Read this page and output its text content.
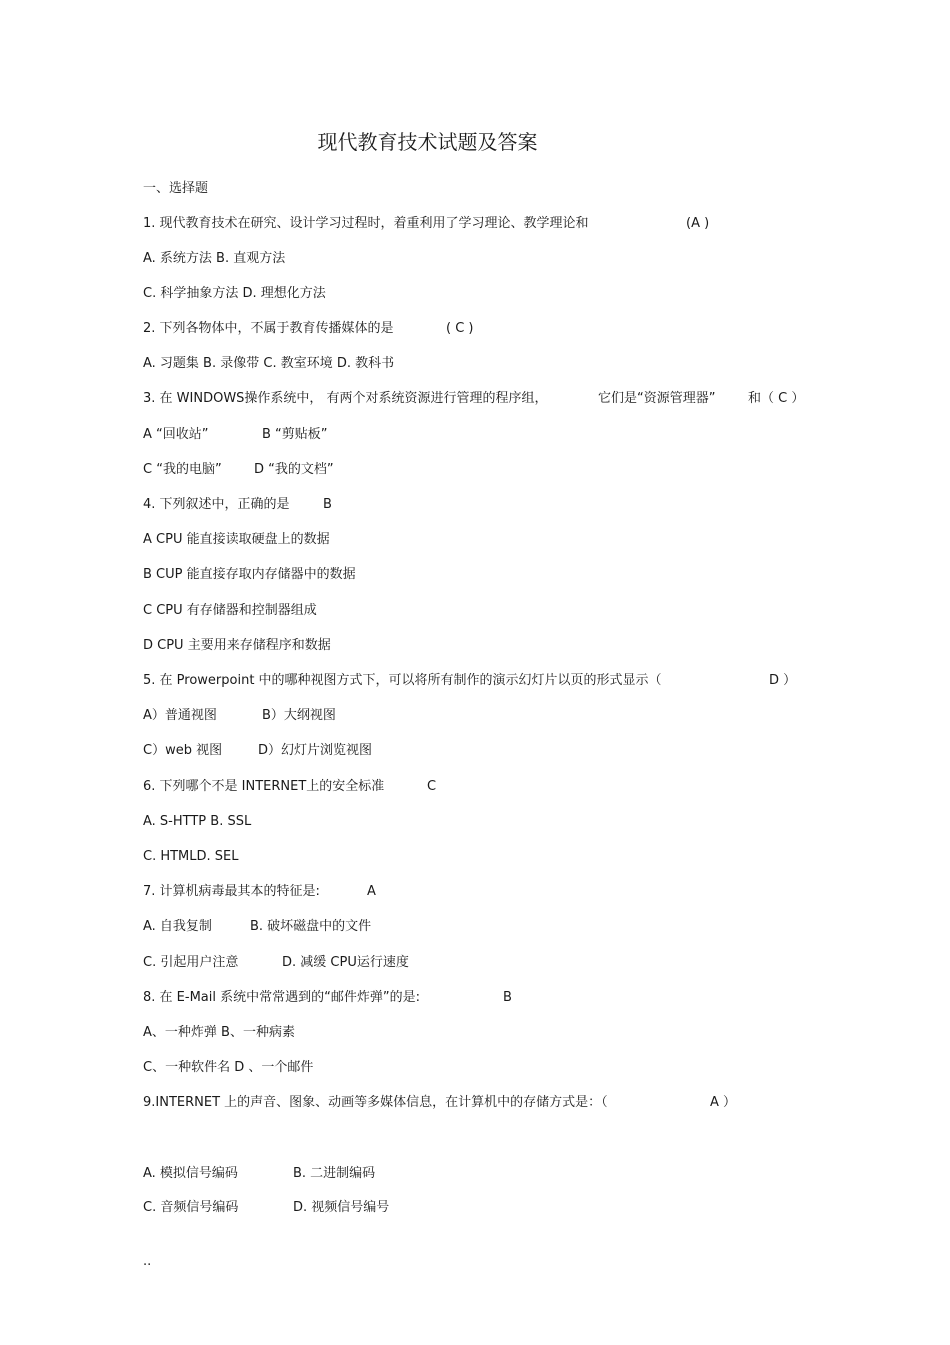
现代教育技术试题及答案
一、选择题
1. 现代教育技术在研究、设计学习过程时，着重利用了学习理论、教学理论和	(A )
A. 系统方法 B. 直观方法
C. 科学抽象方法 D. 理想化方法
2. 下列各物体中，不属于教育传播媒体的是	( C )
A. 习题集 B. 录像带 C. 教室环境 D. 教科书
3. 在 WINDOWS操作系统中， 有两个对系统资源进行管理的程序组，	它们是“资源管理器”	和（ C ）
A “回收站”	B “剪贴板”
C “我的电脑” D “我的文档”
4. 下列叙述中，正确的是	B
A CPU 能直接读取硬盘上的数据
B CUP 能直接存取内存储器中的数据
C CPU 有存储器和控制器组成
D CPU 主要用来存储程序和数据
5. 在 Prowerpoint 中的哪种视图方式下，可以将所有制作的演示幻灯片以页的形式显示（	D ）
A）普通视图	B）大纲视图
C）web 视图	D）幻灯片浏览视图
6. 下列哪个不是 INTERNET上的安全标准	C
A. S-HTTP B. SSL
C. HTMLD. SEL
7. 计算机病毒最其本的特征是:	A
A. 自我复制	B. 破坏磁盘中的文件
C. 引起用户注意	D. 减缓 CPU运行速度
8. 在 E-Mail 系统中常常遇到的“邮件炸弹”的是:	B
A、一种炸弹 B、一种病素
C、一种软件名 D 、一个邮件
9.INTERNET 上的声音、图象、动画等多媒体信息，在计算机中的存储方式是：（	A ）
A. 模拟信号编码	B. 二进制编码
C. 音频信号编码	D. 视频信号编号
..
